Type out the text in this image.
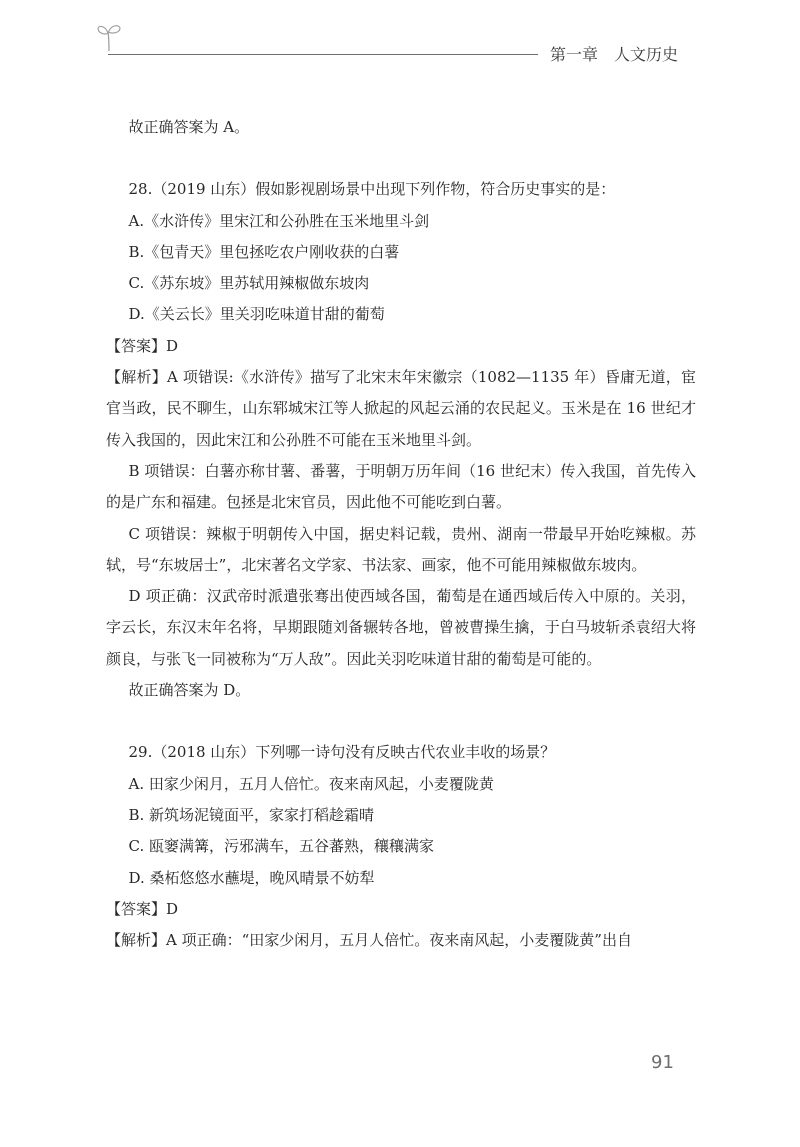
第一章 人文历史

故正确答案为 A。

28.（2019 山东）假如影视剧场景中出现下列作物，符合历史事实的是：

A.《水浒传》里宋江和公孙胜在玉米地里斗剑

B.《包青天》里包拯吃农户刚收获的白薯

C.《苏东坡》里苏轼用辣椒做东坡肉

D.《关云长》里关羽吃味道甘甜的葡萄

【答案】D

【解析】A 项错误:《水浒传》描写了北宋末年宋徽宗（1082—1135 年）昏庸无道，宦官当政，民不聊生，山东郓城宋江等人掀起的风起云涌的农民起义。玉米是在 16 世纪才传入我国的，因此宋江和公孙胜不可能在玉米地里斗剑。

B 项错误：白薯亦称甘薯、番薯，于明朝万历年间（16 世纪末）传入我国，首先传入的是广东和福建。包拯是北宋官员，因此他不可能吃到白薯。

C 项错误：辣椒于明朝传入中国，据史料记载，贵州、湖南一带最早开始吃辣椒。苏轼，号“东坡居士”，北宋著名文学家、书法家、画家，他不可能用辣椒做东坡肉。

D 项正确：汉武帝时派遣张骞出使西域各国，葡萄是在通西域后传入中原的。关羽，字云长，东汉末年名将，早期跟随刘备辗转各地，曾被曹操生擒，于白马坡斩杀袁绍大将颜良，与张飞一同被称为“万人敌”。因此关羽吃味道甘甜的葡萄是可能的。

故正确答案为 D。

29.（2018 山东）下列哪一诗句没有反映古代农业丰收的场景？

A. 田家少闲月，五月人倍忙。夜来南风起，小麦覆陇黄

B. 新筑场泥镜面平，家家打稻趁霜晴

C. 瓯窭满篝，污邪满车，五谷蕃熟，穰穰满家

D. 桑柘悠悠水蘸堤，晚风晴景不妨犁

【答案】D

【解析】A 项正确：“田家少闲月，五月人倍忙。夜来南风起，小麦覆陇黄”出自

91
